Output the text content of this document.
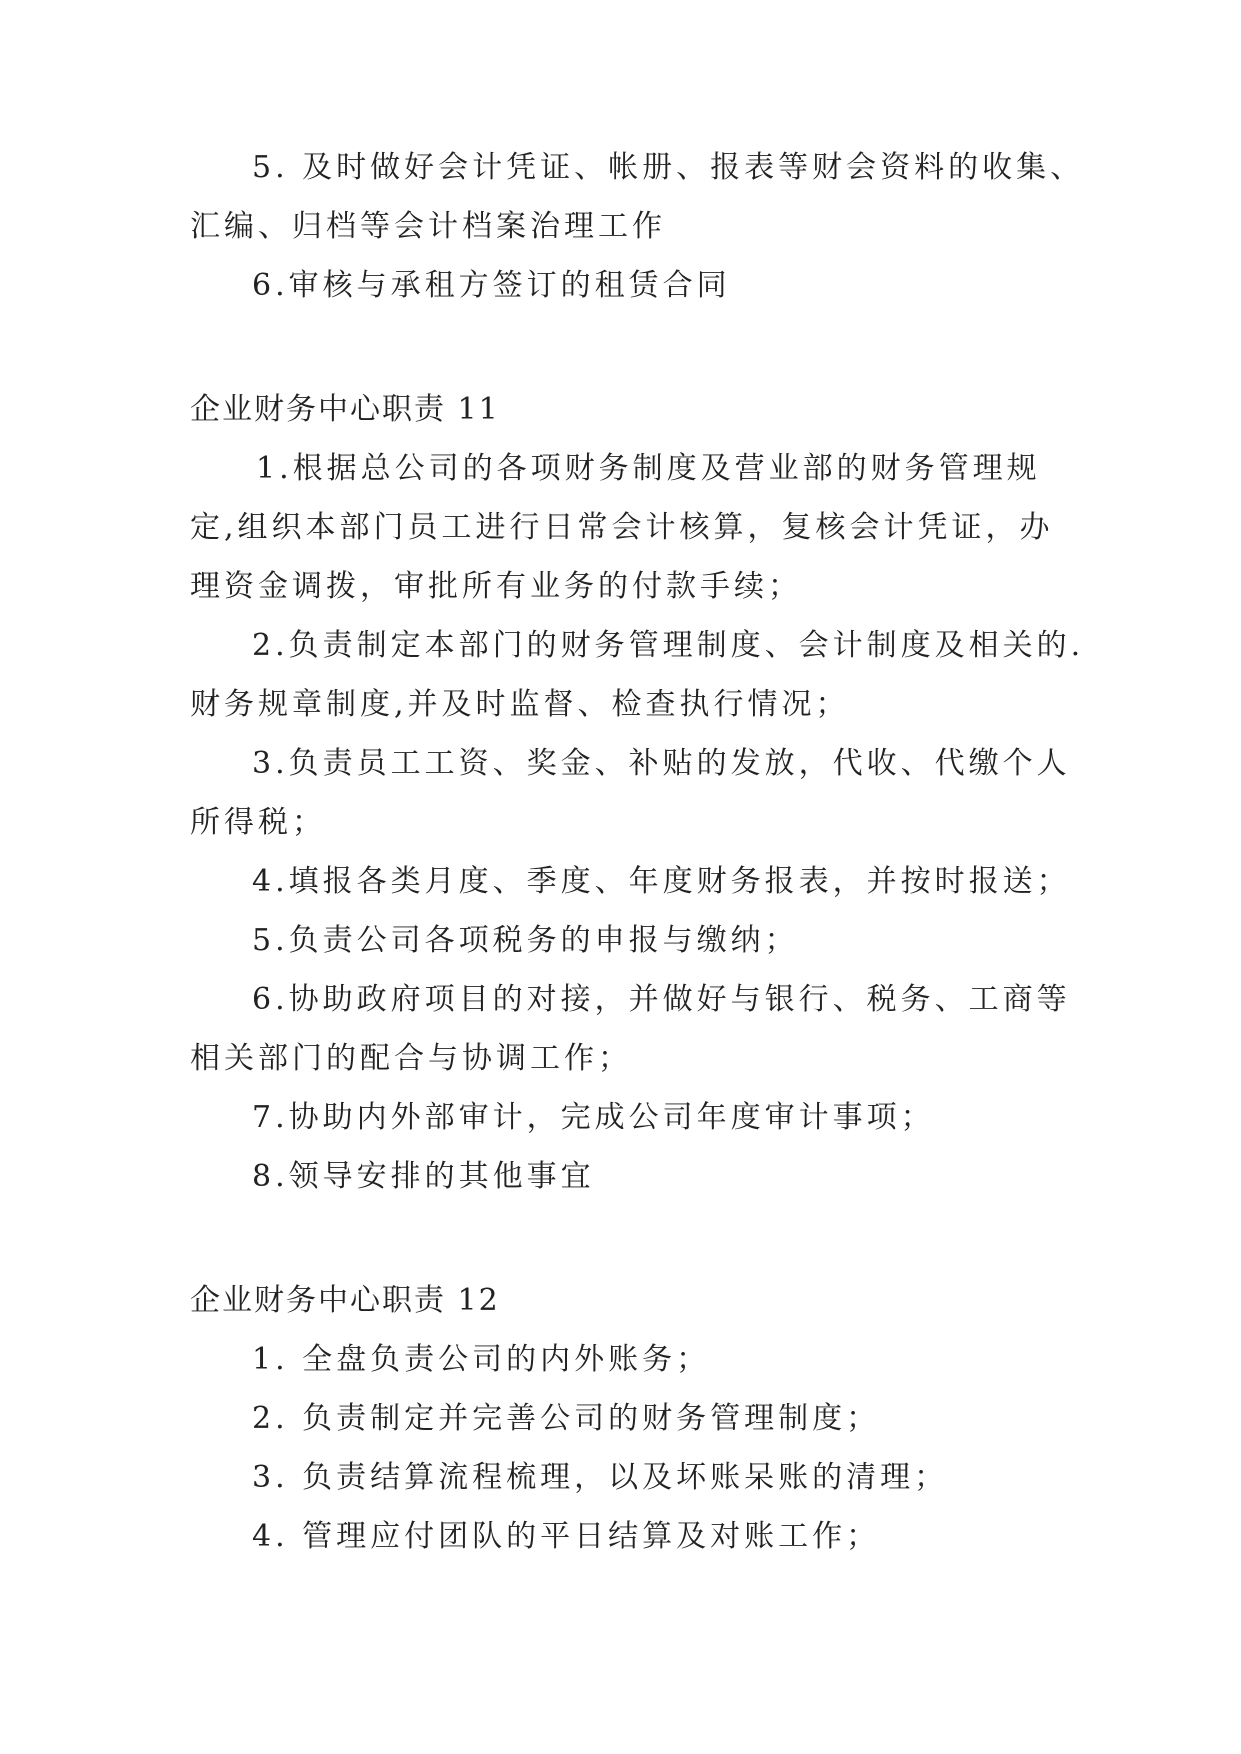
5. 及时做好会计凭证、帐册、报表等财会资料的收集、
汇编、归档等会计档案治理工作
6.审核与承租方签订的租赁合同
企业财务中心职责 11
1.根据总公司的各项财务制度及营业部的财务管理规
定,组织本部门员工进行日常会计核算，复核会计凭证，办
理资金调拨，审批所有业务的付款手续；
2.负责制定本部门的财务管理制度、会计制度及相关的.
财务规章制度,并及时监督、检查执行情况；
3.负责员工工资、奖金、补贴的发放，代收、代缴个人
所得税；
4.填报各类月度、季度、年度财务报表，并按时报送；
5.负责公司各项税务的申报与缴纳；
6.协助政府项目的对接，并做好与银行、税务、工商等
相关部门的配合与协调工作；
7.协助内外部审计，完成公司年度审计事项；
8.领导安排的其他事宜
企业财务中心职责 12
1. 全盘负责公司的内外账务；
2. 负责制定并完善公司的财务管理制度；
3. 负责结算流程梳理，以及坏账呆账的清理；
4. 管理应付团队的平日结算及对账工作；
